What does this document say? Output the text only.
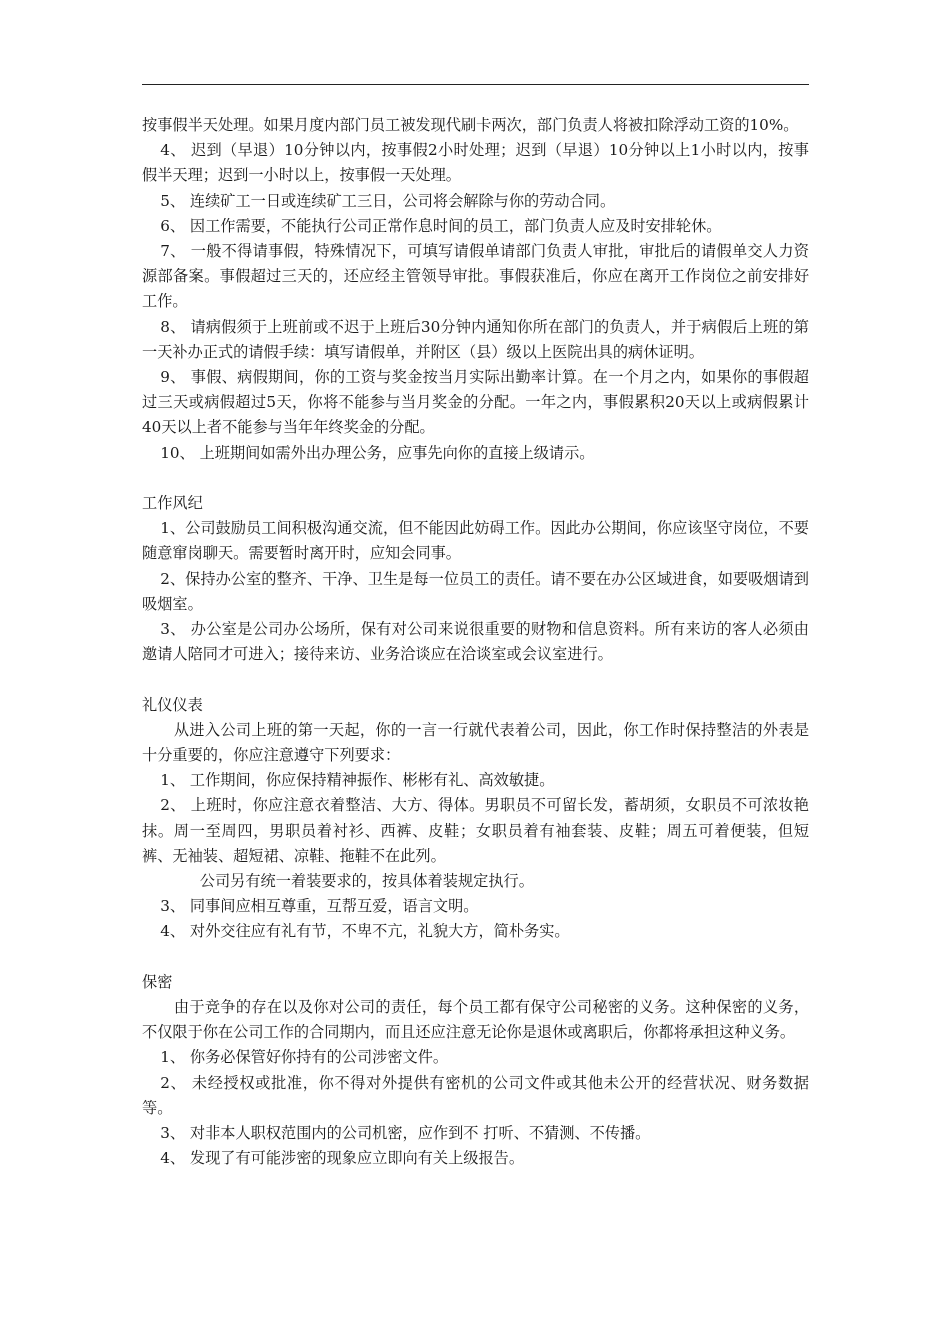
按事假半天处理。如果月度内部门员工被发现代刷卡两次，部门负责人将被扣除浮动工资的10%。

4、 迟到（早退）10分钟以内，按事假2小时处理；迟到（早退）10分钟以上1小时以内，按事假半天理；迟到一小时以上，按事假一天处理。

5、 连续矿工一日或连续矿工三日，公司将会解除与你的劳动合同。

6、 因工作需要，不能执行公司正常作息时间的员工，部门负责人应及时安排轮休。

7、 一般不得请事假，特殊情况下，可填写请假单请部门负责人审批，审批后的请假单交人力资源部备案。事假超过三天的，还应经主管领导审批。事假获准后，你应在离开工作岗位之前安排好工作。

8、 请病假须于上班前或不迟于上班后30分钟内通知你所在部门的负责人，并于病假后上班的第一天补办正式的请假手续：填写请假单，并附区（县）级以上医院出具的病休证明。

9、 事假、病假期间，你的工资与奖金按当月实际出勤率计算。在一个月之内，如果你的事假超过三天或病假超过5天，你将不能参与当月奖金的分配。一年之内，事假累积20天以上或病假累计40天以上者不能参与当年年终奖金的分配。

10、 上班期间如需外出办理公务，应事先向你的直接上级请示。

工作风纪

1、公司鼓励员工间积极沟通交流，但不能因此妨碍工作。因此办公期间，你应该坚守岗位，不要随意窜岗聊天。需要暂时离开时，应知会同事。

2、保持办公室的整齐、干净、卫生是每一位员工的责任。请不要在办公区域进食，如要吸烟请到吸烟室。

3、 办公室是公司办公场所，保有对公司来说很重要的财物和信息资料。所有来访的客人必须由邀请人陪同才可进入；接待来访、业务洽谈应在洽谈室或会议室进行。

礼仪仪表

从进入公司上班的第一天起，你的一言一行就代表着公司，因此，你工作时保持整洁的外表是十分重要的，你应注意遵守下列要求：

1、 工作期间，你应保持精神振作、彬彬有礼、高效敏捷。

2、 上班时，你应注意衣着整洁、大方、得体。男职员不可留长发，蓄胡须，女职员不可浓妆艳抹。周一至周四，男职员着衬衫、西裤、皮鞋；女职员着有袖套装、皮鞋；周五可着便装，但短裤、无袖装、超短裙、凉鞋、拖鞋不在此列。

公司另有统一着装要求的，按具体着装规定执行。

3、 同事间应相互尊重，互帮互爱，语言文明。

4、 对外交往应有礼有节，不卑不亢，礼貌大方，简朴务实。

保密

由于竞争的存在以及你对公司的责任，每个员工都有保守公司秘密的义务。这种保密的义务，不仅限于你在公司工作的合同期内，而且还应注意无论你是退休或离职后，你都将承担这种义务。

1、 你务必保管好你持有的公司涉密文件。

2、 未经授权或批准，你不得对外提供有密机的公司文件或其他未公开的经营状况、财务数据等。

3、 对非本人职权范围内的公司机密，应作到不 打听、不猜测、不传播。

4、 发现了有可能涉密的现象应立即向有关上级报告。
